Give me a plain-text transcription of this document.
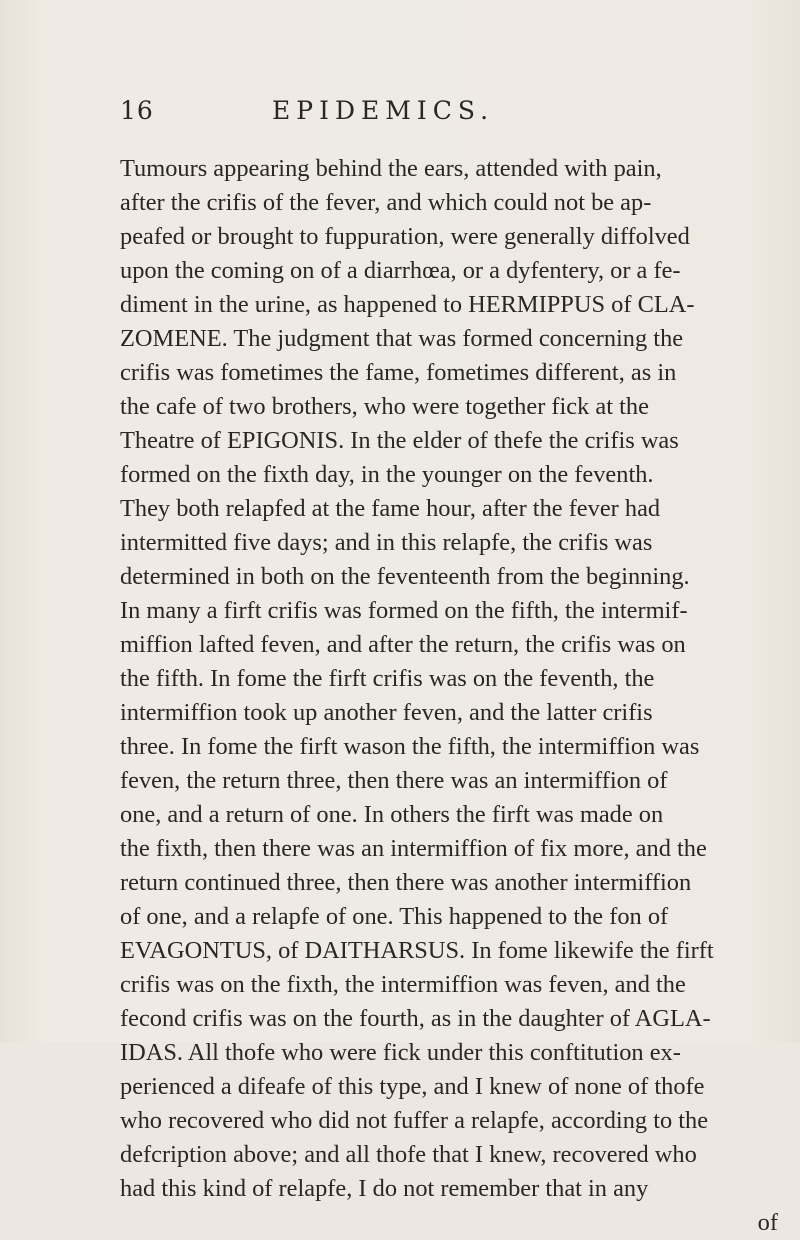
16	EPIDEMICS.
Tumours appearing behind the ears, attended with pain,
after the crifis of the fever, and which could not be ap-
peafed or brought to fuppuration, were generally diffolved
upon the coming on of a diarrhœa, or a dyfentery, or a fe-
diment in the urine, as happened to HERMIPPUS of CLA-
ZOMENE. The judgment that was formed concerning the
crifis was fometimes the fame, fometimes different, as in
the cafe of two brothers, who were together fick at the
Theatre of EPIGONIS. In the elder of thefe the crifis was
formed on the fixth day, in the younger on the feventh.
They both relapfed at the fame hour, after the fever had
intermitted five days; and in this relapfe, the crifis was
determined in both on the feventeenth from the beginning.
In many a firft crifis was formed on the fifth, the intermif-
miffion lafted feven, and after the return, the crifis was on
the fifth. In fome the firft crifis was on the feventh, the
intermiffion took up another feven, and the latter crifis
three. In fome the firft wason the fifth, the intermiffion was
feven, the return three, then there was an intermiffion of
one, and a return of one. In others the firft was made on
the fixth, then there was an intermiffion of fix more, and the
return continued three, then there was another intermiffion
of one, and a relapfe of one. This happened to the fon of
EVAGONTUS, of DAITHARSUS. In fome likewife the firft
crifis was on the fixth, the intermiffion was feven, and the
fecond crifis was on the fourth, as in the daughter of AGLA-
IDAS. All thofe who were fick under this conftitution ex-
perienced a difeafe of this type, and I knew of none of thofe
who recovered who did not fuffer a relapfe, according to the
defcription above; and all thofe that I knew, recovered who
had this kind of relapfe, I do not remember that in any
of
